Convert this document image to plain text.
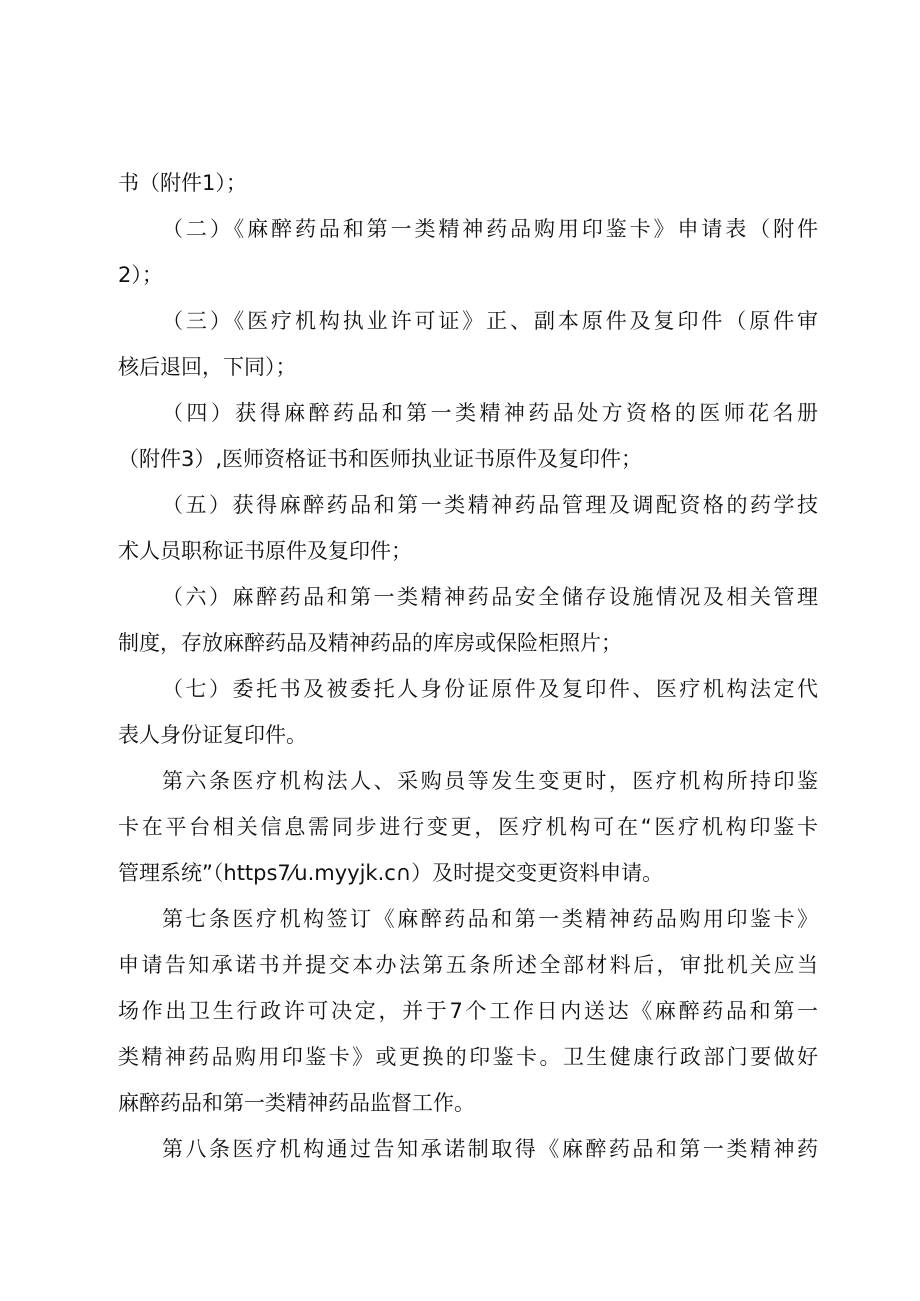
书（附件1）；
（二）《麻醉药品和第一类精神药品购用印鉴卡》申请表（附件
2）；
（三）《医疗机构执业许可证》正、副本原件及复印件（原件审
核后退回，下同）；
（四）获得麻醉药品和第一类精神药品处方资格的医师花名册
（附件3）,医师资格证书和医师执业证书原件及复印件；
（五）获得麻醉药品和第一类精神药品管理及调配资格的药学技
术人员职称证书原件及复印件；
（六）麻醉药品和第一类精神药品安全储存设施情况及相关管理
制度，存放麻醉药品及精神药品的库房或保险柜照片；
（七）委托书及被委托人身份证原件及复印件、医疗机构法定代
表人身份证复印件。
第六条医疗机构法人、采购员等发生变更时，医疗机构所持印鉴
卡在平台相关信息需同步进行变更，医疗机构可在“医疗机构印鉴卡
管理系统”（https7⁄u.myyjk.c∩）及时提交变更资料申请。
第七条医疗机构签订《麻醉药品和第一类精神药品购用印鉴卡》
申请告知承诺书并提交本办法第五条所述全部材料后，审批机关应当
场作出卫生行政许可决定，并于7个工作日内送达《麻醉药品和第一
类精神药品购用印鉴卡》或更换的印鉴卡。卫生健康行政部门要做好
麻醉药品和第一类精神药品监督工作。
第八条医疗机构通过告知承诺制取得《麻醉药品和第一类精神药
